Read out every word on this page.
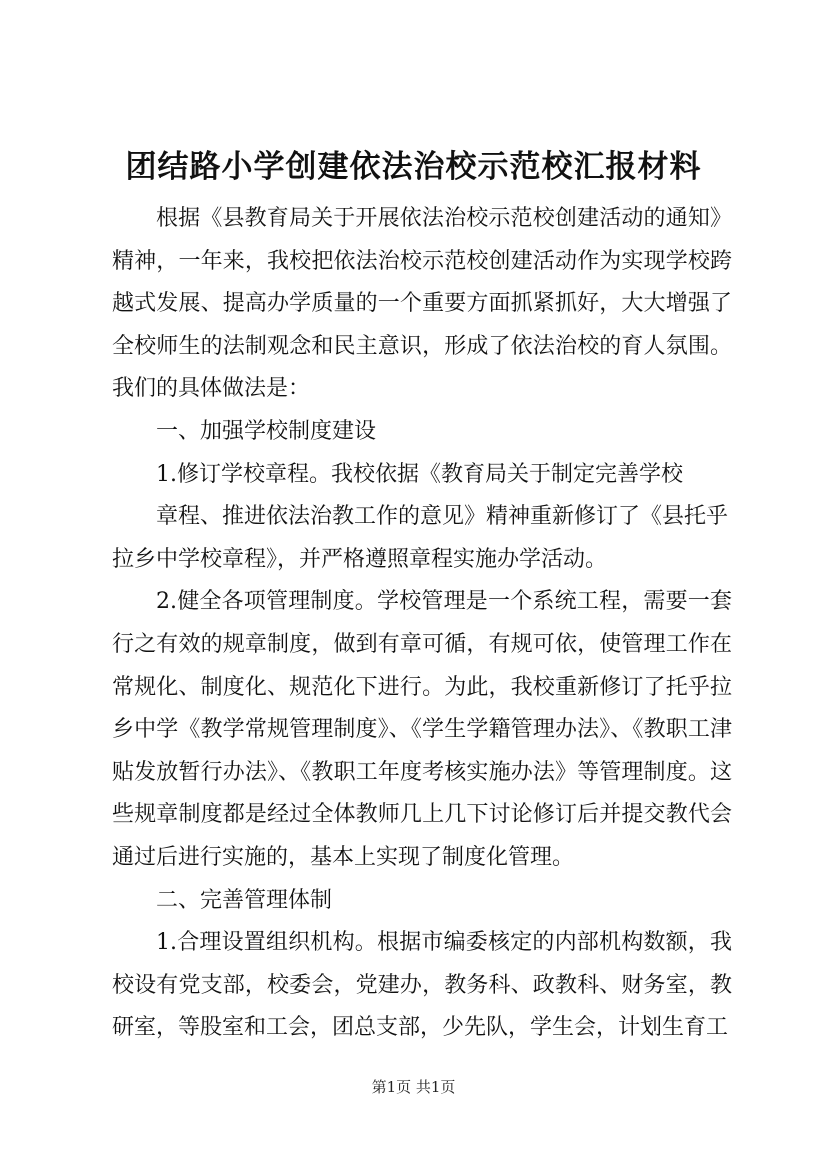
团结路小学创建依法治校示范校汇报材料

根据《县教育局关于开展依法治校示范校创建活动的通知》精神，一年来，我校把依法治校示范校创建活动作为实现学校跨越式发展、提高办学质量的一个重要方面抓紧抓好，大大增强了全校师生的法制观念和民主意识，形成了依法治校的育人氛围。我们的具体做法是：

一、加强学校制度建设

1.修订学校章程。我校依据《教育局关于制定完善学校

章程、推进依法治教工作的意见》精神重新修订了《县托乎

拉乡中学校章程》，并严格遵照章程实施办学活动。

2.健全各项管理制度。学校管理是一个系统工程，需要一套行之有效的规章制度，做到有章可循，有规可依，使管理工作在常规化、制度化、规范化下进行。为此，我校重新修订了托乎拉乡中学《教学常规管理制度》、《学生学籍管理办法》、《教职工津贴发放暂行办法》、《教职工年度考核实施办法》等管理制度。这些规章制度都是经过全体教师几上几下讨论修订后并提交教代会通过后进行实施的，基本上实现了制度化管理。

二、完善管理体制

1.合理设置组织机构。根据市编委核定的内部机构数额，我校设有党支部，校委会，党建办，教务科、政教科、财务室，教研室，等股室和工会，团总支部，少先队，学生会，计划生育工

第1页 共1页
